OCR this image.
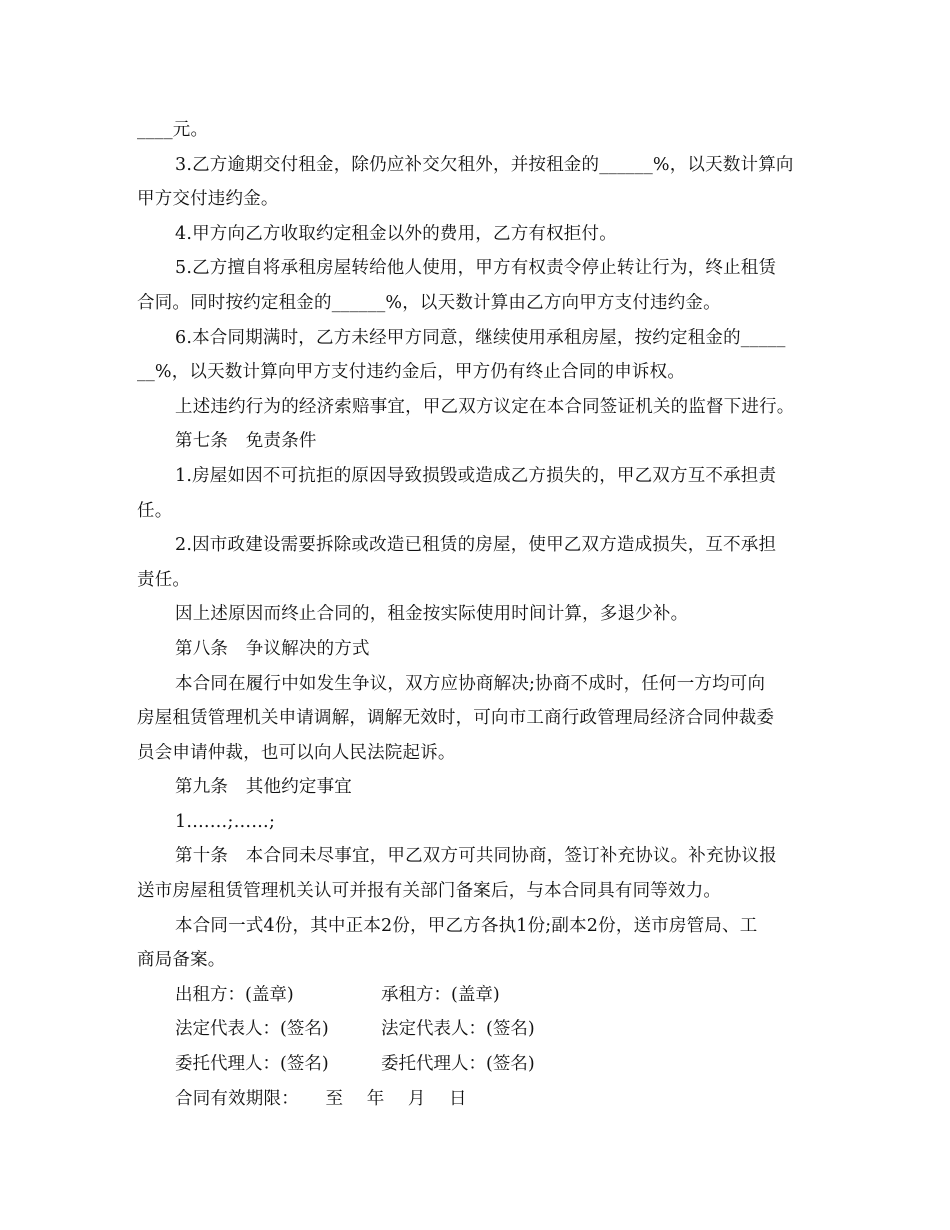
____元。
3.乙方逾期交付租金，除仍应补交欠租外，并按租金的______%，以天数计算向
甲方交付违约金。
4.甲方向乙方收取约定租金以外的费用，乙方有权拒付。
5.乙方擅自将承租房屋转给他人使用，甲方有权责令停止转让行为，终止租赁
合同。同时按约定租金的______%，以天数计算由乙方向甲方支付违约金。
6.本合同期满时，乙方未经甲方同意，继续使用承租房屋，按约定租金的_____
__%，以天数计算向甲方支付违约金后，甲方仍有终止合同的申诉权。
上述违约行为的经济索赔事宜，甲乙双方议定在本合同签证机关的监督下进行。
第七条　免责条件
1.房屋如因不可抗拒的原因导致损毁或造成乙方损失的，甲乙双方互不承担责
任。
2.因市政建设需要拆除或改造已租赁的房屋，使甲乙双方造成损失，互不承担
责任。
因上述原因而终止合同的，租金按实际使用时间计算，多退少补。
第八条　争议解决的方式
本合同在履行中如发生争议，双方应协商解决;协商不成时，任何一方均可向
房屋租赁管理机关申请调解，调解无效时，可向市工商行政管理局经济合同仲裁委
员会申请仲裁，也可以向人民法院起诉。
第九条　其他约定事宜
1.……;……;
第十条　本合同未尽事宜，甲乙双方可共同协商，签订补充协议。补充协议报
送市房屋租赁管理机关认可并报有关部门备案后，与本合同具有同等效力。
本合同一式4份，其中正本2份，甲乙方各执1份;副本2份，送市房管局、工
商局备案。
出租方：(盖章)	承租方：(盖章)
法定代表人：(签名)	法定代表人：(签名)
委托代理人：(签名)	委托代理人：(签名)
合同有效期限：　　至　 年　 月　 日
